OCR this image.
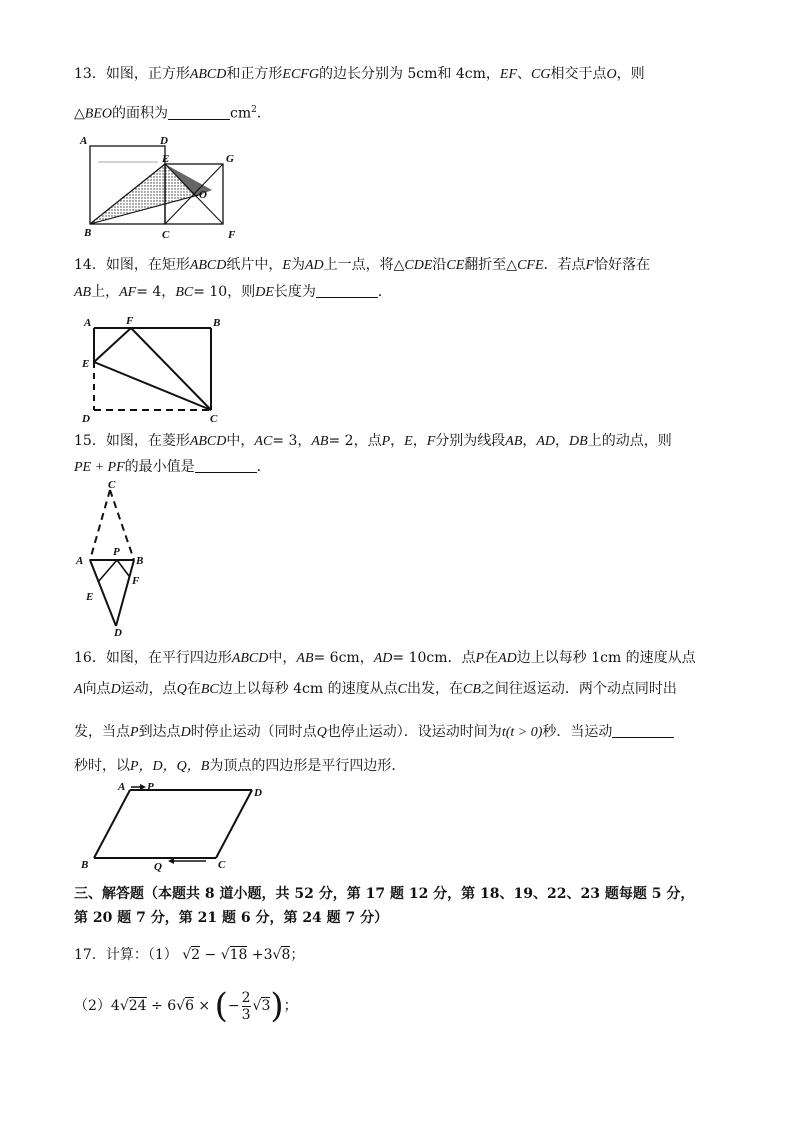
13．如图，正方形ABCD和正方形ECFG的边长分别为 5cm和 4cm，EF、CG相交于点O，则
△BEO的面积为	$cm^2$．
A	D
E	G
O
B	C	F
14．如图，在矩形ABCD纸片中，E为AD上一点，将△CDE沿CE翻折至△CFE．若点F恰好落在
AB上，AF= 4，BC= 10，则DE长度为	．
A	F	B
E
D	C
15．如图，在菱形ABCD中，AC= 3，AB= 2，点P，E，F分别为线段AB，AD，DB上的动点，则
PE + PF的最小值是	．
C
A
P
B
F
E
D
16．如图，在平行四边形ABCD中，AB= 6cm，AD= 10cm．点P在AD边上以每秒 1cm 的速度从点
A向点D运动，点Q在BC边上以每秒 4cm 的速度从点C出发，在CB之间往返运动．两个动点同时出
发，当点P到达点D时停止运动（同时点Q也停止运动）．设运动时间为t(t > 0)秒．当运动
秒时，以P，D，Q，B为顶点的四边形是平行四边形．
A P	D
B	Q	C
三、解答题（本题共 8 道小题，共 52 分，第 17 题 12 分，第 18、19、22、23 题每题 5 分，
第 20 题 7 分，第 21 题 6 分，第 24 题 7 分）
17．计算：（1） √2 − √18 +3√8；
（2）4√24 ÷ 6√6 × (− $\frac{2}{3} √3$)；
